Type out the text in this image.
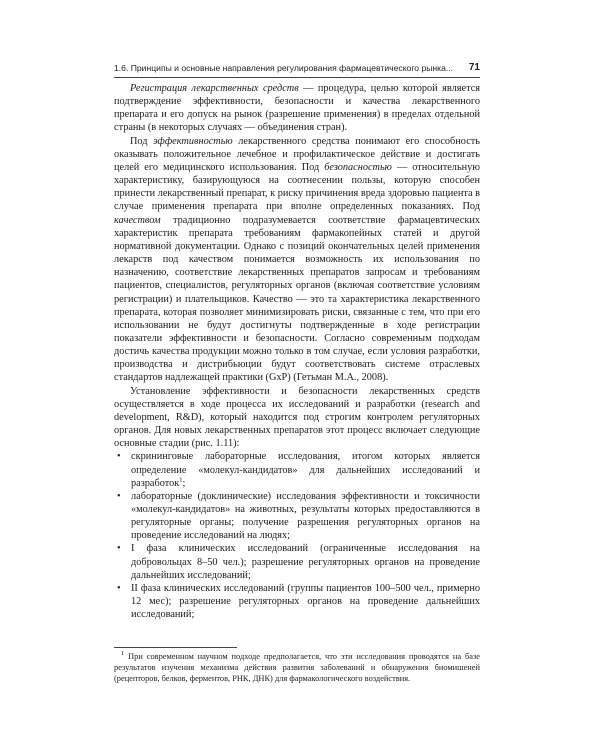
1.6. Принципы и основные направления регулирования фармацевтического рынка... 71

Регистрация лекарственных средств — процедура, целью которой является подтверждение эффективности, безопасности и качества лекарственного препарата и его допуск на рынок (разрешение применения) в пределах отдельной страны (в некоторых случаях — объединения стран).

Под эффективностью лекарственного средства понимают его способность оказывать положительное лечебное и профилактическое действие и достигать целей его медицинского использования. Под безопасностью — относительную характеристику, базирующуюся на соотнесении пользы, которую способен принести лекарственный препарат, к риску причинения вреда здоровью пациента в случае применения препарата при вполне определенных показаниях. Под качеством традиционно подразумевается соответствие фармацевтических характеристик препарата требованиям фармакопейных статей и другой нормативной документации. Однако с позиций окончательных целей применения лекарств под качеством понимается возможность их использования по назначению, соответствие лекарственных препаратов запросам и требованиям пациентов, специалистов, регуляторных органов (включая соответствие условиям регистрации) и плательщиков. Качество — это та характеристика лекарственного препарата, которая позволяет минимизировать риски, связанные с тем, что при его использовании не будут достигнуты подтвержденные в ходе регистрации показатели эффективности и безопасности. Согласно современным подходам достичь качества продукции можно только в том случае, если условия разработки, производства и дистрибьюции будут соответствовать системе отраслевых стандартов надлежащей практики (GxP) (Гетьман М.А., 2008).

Установление эффективности и безопасности лекарственных средств осуществляется в ходе процесса их исследований и разработки (research and development, R&D), который находится под строгим контролем регуляторных органов. Для новых лекарственных препаратов этот процесс включает следующие основные стадии (рис. 1.11):

• скрининговые лабораторные исследования, итогом которых является определение «молекул-кандидатов» для дальнейших исследований и разработок$^1$;
• лабораторные (доклинические) исследования эффективности и токсичности «молекул-кандидатов» на животных, результаты которых предоставляются в регуляторные органы; получение разрешения регуляторных органов на проведение исследований на людях;
• I фаза клинических исследований (ограниченные исследования на добровольцах 8–50 чел.); разрешение регуляторных органов на проведение дальнейших исследований;
• II фаза клинических исследований (группы пациентов 100–500 чел., примерно 12 мес); разрешение регуляторных органов на проведение дальнейших исследований;
$^1$ При современном научном подходе предполагается, что эти исследования проводятся на базе результатов изучения механизма действия развития заболеваний и обнаружения биомишеней (рецепторов, белков, ферментов, РНК, ДНК) для фармакологического воздействия.
